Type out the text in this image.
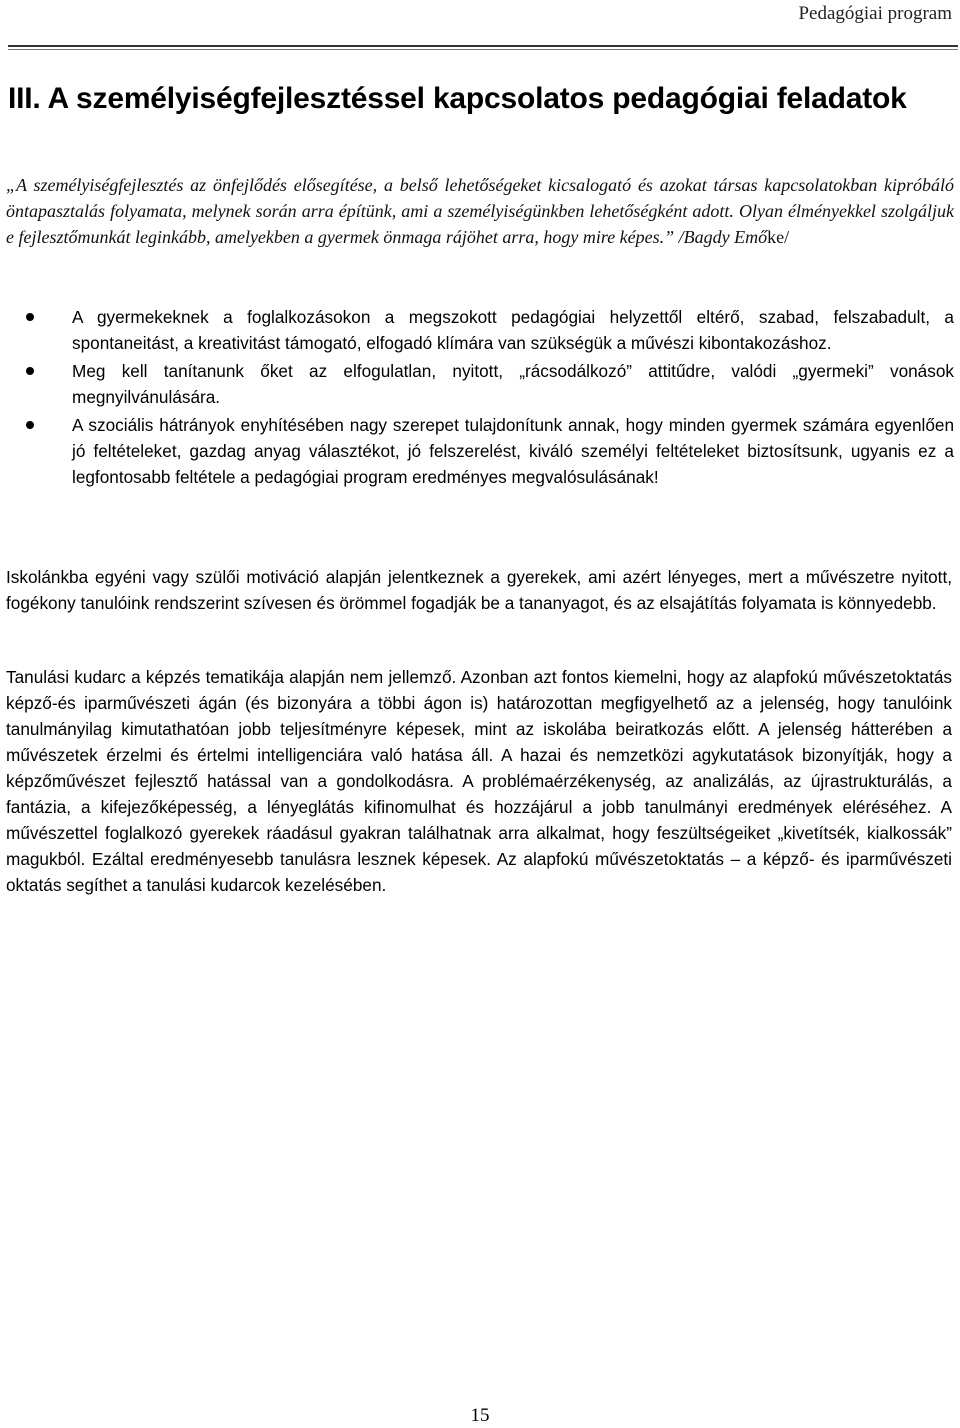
Pedagógiai program
III. A személyiségfejlesztéssel kapcsolatos pedagógiai feladatok

„A személyiségfejlesztés az önfejlődés elősegítése, a belső lehetőségeket kicsalogató és azokat társas kapcsolatokban kipróbáló öntapasztalás folyamata, melynek során arra építünk, ami a személyiségünkben lehetőségként adott. Olyan élményekkel szolgáljuk e fejlesztőmunkát leginkább, amelyekben a gyermek önmaga rájöhet arra, hogy mire képes.” /Bagdy Emőke/

A gyermekeknek a foglalkozásokon a megszokott pedagógiai helyzettől eltérő, szabad, felszabadult, a spontaneitást, a kreativitást támogató, elfogadó klímára van szükségük a művészi kibontakozáshoz.
Meg kell tanítanunk őket az elfogulatlan, nyitott, „rácsodálkozó” attitűdre, valódi „gyermeki” vonások megnyilvánulására.
A szociális hátrányok enyhítésében nagy szerepet tulajdonítunk annak, hogy minden gyermek számára egyenlően jó feltételeket, gazdag anyag választékot, jó felszerelést, kiváló személyi feltételeket biztosítsunk, ugyanis ez a legfontosabb feltétele a pedagógiai program eredményes megvalósulásának!

Iskolánkba egyéni vagy szülői motiváció alapján jelentkeznek a gyerekek, ami azért lényeges, mert a művészetre nyitott, fogékony tanulóink rendszerint szívesen és örömmel fogadják be a tananyagot, és az elsajátítás folyamata is könnyedebb.

Tanulási kudarc a képzés tematikája alapján nem jellemző. Azonban azt fontos kiemelni, hogy az alapfokú művészetoktatás képző-és iparművészeti ágán (és bizonyára a többi ágon is) határozottan megfigyelhető az a jelenség, hogy tanulóink tanulmányilag kimutathatóan jobb teljesítményre képesek, mint az iskolába beiratkozás előtt. A jelenség hátterében a művészetek érzelmi és értelmi intelligenciára való hatása áll. A hazai és nemzetközi agykutatások bizonyítják, hogy a képzőművészet fejlesztő hatással van a gondolkodásra. A problémaérzékenység, az analizálás, az újrastrukturálás, a fantázia, a kifejezőképesség, a lényeglátás kifinomulhat és hozzájárul a jobb tanulmányi eredmények eléréséhez. A művészettel foglalkozó gyerekek ráadásul gyakran találhatnak arra alkalmat, hogy feszültségeiket „kivetítsék, kialkossák” magukból. Ezáltal eredményesebb tanulásra lesznek képesek. Az alapfokú művészetoktatás – a képző- és iparművészeti oktatás segíthet a tanulási kudarcok kezelésében.

15
